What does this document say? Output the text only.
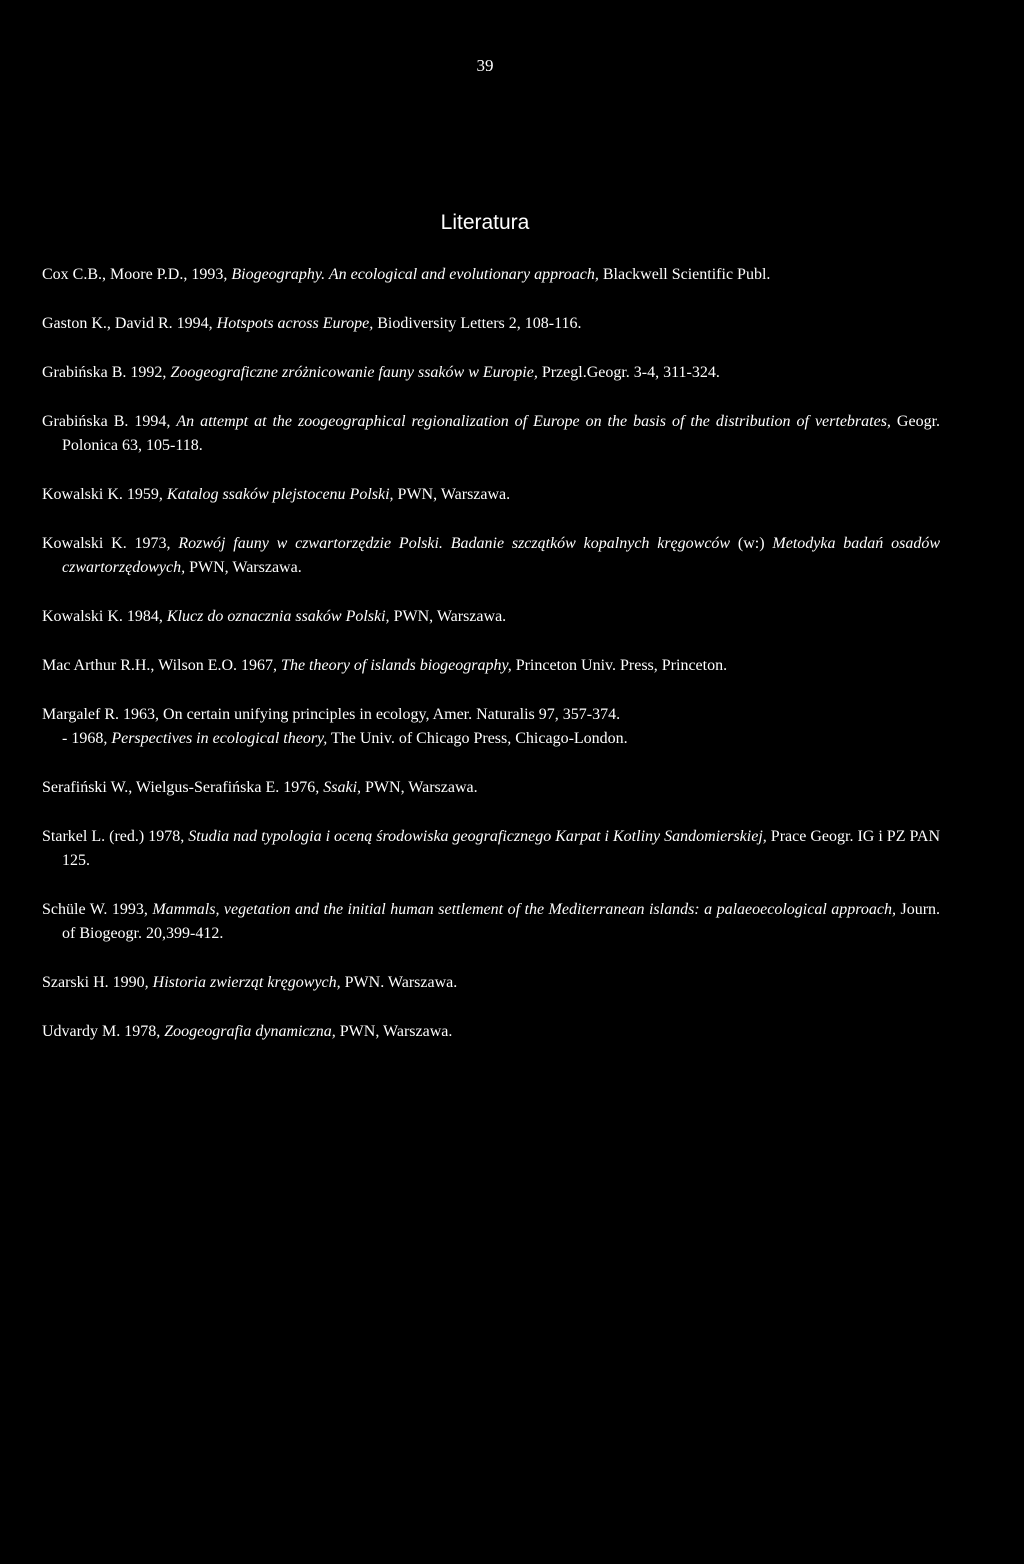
39
Literatura

Cox C.B., Moore P.D., 1993, Biogeography. An ecological and evolutionary approach, Blackwell Scientific Publ.

Gaston K., David R. 1994, Hotspots across Europe, Biodiversity Letters 2, 108-116.

Grabińska B. 1992, Zoogeograficzne zróżnicowanie fauny ssaków w Europie, Przegl.Geogr. 3-4, 311-324.

Grabińska B. 1994, An attempt at the zoogeographical regionalization of Europe on the basis of the distribution of vertebrates, Geogr. Polonica 63, 105-118.

Kowalski K. 1959, Katalog ssaków plejstocenu Polski, PWN, Warszawa.

Kowalski K. 1973, Rozwój fauny w czwartorzędzie Polski. Badanie szczątków kopalnych kręgowców (w:) Metodyka badań osadów czwartorzędowych, PWN, Warszawa.

Kowalski K. 1984, Klucz do oznacznia ssaków Polski, PWN, Warszawa.

Mac Arthur R.H., Wilson E.O. 1967, The theory of islands biogeography, Princeton Univ. Press, Princeton.

Margalef R. 1963, On certain unifying principles in ecology, Amer. Naturalis 97, 357-374.

- 1968, Perspectives in ecological theory, The Univ. of Chicago Press, Chicago-London.

Serafiński W., Wielgus-Serafińska E. 1976, Ssaki, PWN, Warszawa.

Starkel L. (red.) 1978, Studia nad typologia i oceną środowiska geograficznego Karpat i Kotliny Sandomierskiej, Prace Geogr. IG i PZ PAN 125.

Schüle W. 1993, Mammals, vegetation and the initial human settlement of the Mediterranean islands: a palaeoecological approach, Journ. of Biogeogr. 20,399-412.

Szarski H. 1990, Historia zwierząt kręgowych, PWN. Warszawa.

Udvardy M. 1978, Zoogeografia dynamiczna, PWN, Warszawa.
